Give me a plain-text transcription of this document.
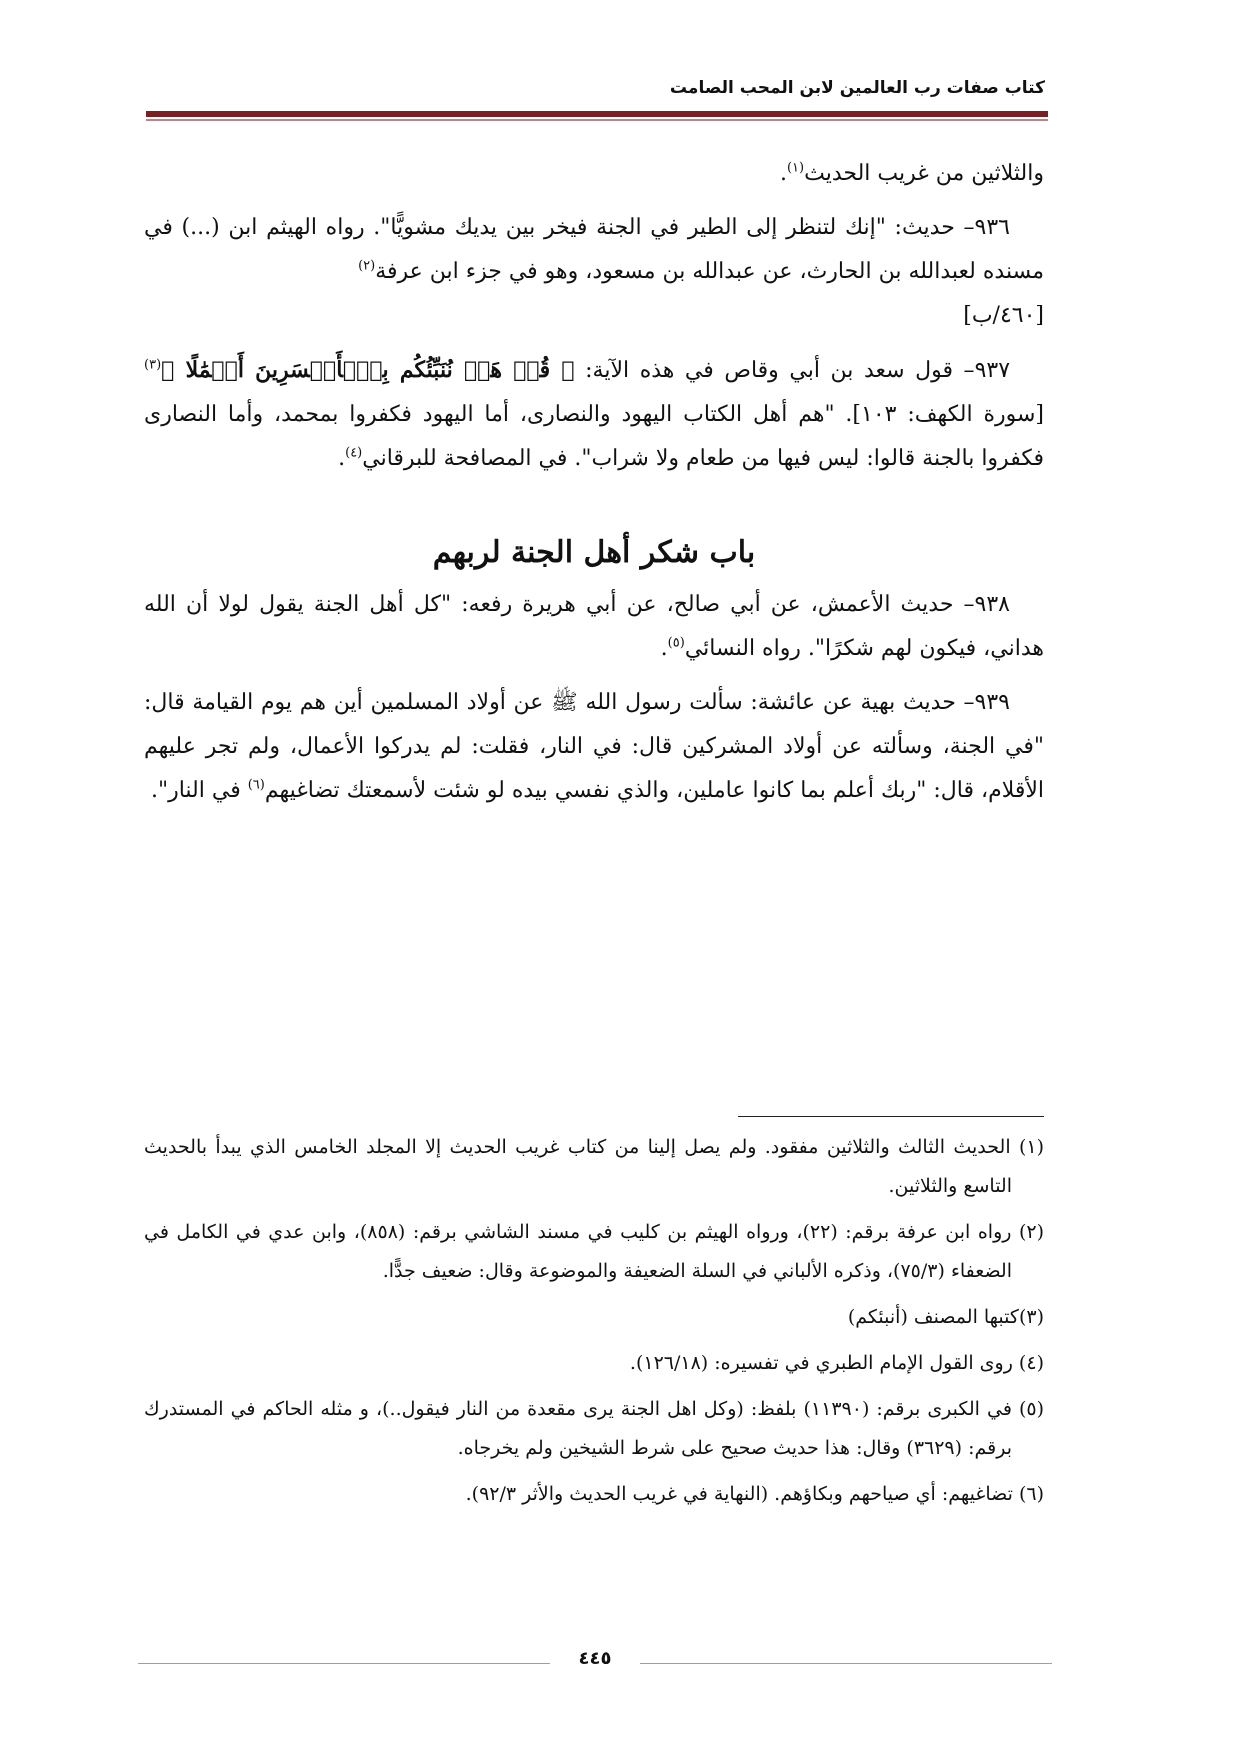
كتاب صفات رب العالمين لابن المحب الصامت

والثلاثين من غريب الحديث$^{(١)}$.

٩٣٦– حديث: "إنك لتنظر إلى الطير في الجنة فيخر بين يديك مشويًّا". رواه الهيثم ابن (...) في مسنده لعبدالله بن الحارث، عن عبدالله بن مسعود، وهو في جزء ابن عرفة$^{(٢)}$
[٤٦٠/ب]

٩٣٧– قول سعد بن أبي وقاص في هذه الآية: ﴿ قُلۡ هَلۡ نُنَبِّئُكُم بِٱلۡأَخۡسَرِينَ أَعۡمَٰلًا ﴾$^{(٣)}$ [سورة الكهف: ١٠٣]. "هم أهل الكتاب اليهود والنصارى، أما اليهود فكفروا بمحمد، وأما النصارى فكفروا بالجنة قالوا: ليس فيها من طعام ولا شراب". في المصافحة للبرقاني$^{(٤)}$.

باب شكر أهل الجنة لربهم

٩٣٨– حديث الأعمش، عن أبي صالح، عن أبي هريرة رفعه: "كل أهل الجنة يقول لولا أن الله هداني، فيكون لهم شكرًا". رواه النسائي$^{(٥)}$.

٩٣٩– حديث بهية عن عائشة: سألت رسول الله ﷺ عن أولاد المسلمين أين هم يوم القيامة قال: "في الجنة، وسألته عن أولاد المشركين قال: في النار، فقلت: لم يدركوا الأعمال، ولم تجر عليهم الأقلام، قال: "ربك أعلم بما كانوا عاملين، والذي نفسي بيده لو شئت لأسمعتك تضاغيهم$^{(٦)}$ في النار".

(١) الحديث الثالث والثلاثين مفقود. ولم يصل إلينا من كتاب غريب الحديث إلا المجلد الخامس الذي يبدأ بالحديث التاسع والثلاثين.

(٢) رواه ابن عرفة برقم: (٢٢)، ورواه الهيثم بن كليب في مسند الشاشي برقم: (٨٥٨)، وابن عدي في الكامل في الضعفاء (٧٥/٣)، وذكره الألباني في السلة الضعيفة والموضوعة وقال: ضعيف جدًّا.

(٣)كتبها المصنف (أنبئكم)

(٤) روى القول الإمام الطبري في تفسيره: (١٢٦/١٨).

(٥) في الكبرى برقم: (١١٣٩٠) بلفظ: (وكل اهل الجنة يرى مقعدة من النار فيقول..)، و مثله الحاكم في المستدرك برقم: (٣٦٢٩) وقال: هذا حديث صحيح على شرط الشيخين ولم يخرجاه.

(٦) تضاغيهم: أي صياحهم وبكاؤهم. (النهاية في غريب الحديث والأثر ٩٢/٣).

٤٤٥
